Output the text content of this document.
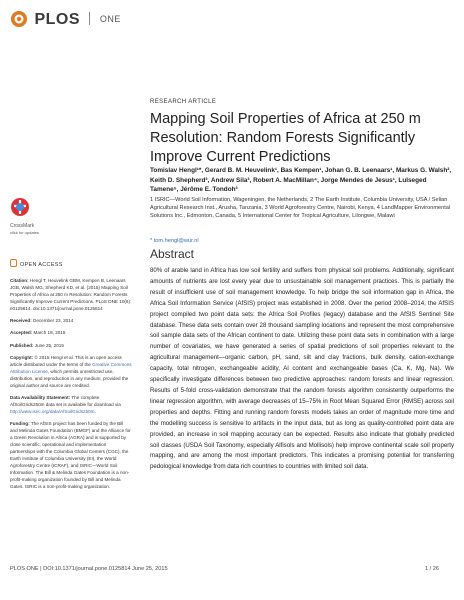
PLOS ONE
RESEARCH ARTICLE
Mapping Soil Properties of Africa at 250 m Resolution: Random Forests Significantly Improve Current Predictions
Tomislav Hengl¹*, Gerard B. M. Heuvelink¹, Bas Kempen¹, Johan G. B. Leenaars¹, Markus G. Walsh², Keith D. Shepherd³, Andrew Sila³, Robert A. MacMillan⁴, Jorge Mendes de Jesus¹, Lulseged Tamene⁵, Jérôme E. Tondoh³
1 ISRIC—World Soil Information, Wageningen, the Netherlands, 2 The Earth Institute, Columbia University, USA / Selian Agricultural Research Inst., Arusha, Tanzania, 3 World Agroforestry Centre, Nairobi, Kenya, 4 LandMapper Environmental Solutions Inc., Edmonton, Canada, 5 International Center for Tropical Agriculture, Lilongwe, Malawi
* tom.hengl@wur.nl
CrossMark
click for updates

OPEN ACCESS

Citation: Hengl T, Heuvelink GBM, Kempen B, Leenaars JGB, Walsh MG, Shepherd KD, et al. (2015) Mapping Soil Properties of Africa at 250 m Resolution: Random Forests Significantly Improve Current Predictions. PLoS ONE 10(6): e0125814. doi:10.1371/journal.pone.0125814

Received: December 23, 2014

Accepted: March 18, 2015

Published: June 25, 2015

Copyright: © 2015 Hengl et al. This is an open access article distributed under the terms of the Creative Commons Attribution License, which permits unrestricted use, distribution, and reproduction in any medium, provided the original author and source are credited.

Data Availability Statement: The complete AfSoilGrids250m data set is available for download via http://www.isric.org/data/AfSoilGrids250m.

Funding: The AfSIS project has been funded by the Bill and Melinda Gates Foundation (BMGF) and the Alliance for a Green Revolution in Africa (AGRA) and is supported by close scientific, operational and implementation partnerships with the Columbia Global Centers (CGC), the Earth Institute of Columbia University (EI), the World Agroforestry Centre (ICRAF), and ISRIC—World Soil Information. The Bill & Melinda Gates Foundation is a non-profit-making organization founded by Bill and Melinda Gates. ISRIC is a non-profit-making organization.

Abstract

80% of arable land in Africa has low soil fertility and suffers from physical soil problems. Additionally, significant amounts of nutrients are lost every year due to unsustainable soil management practices. This is partially the result of insufficient use of soil management knowledge. To help bridge the soil information gap in Africa, the Africa Soil Information Service (AfSIS) project was established in 2008. Over the period 2008–2014, the AfSIS project compiled two point data sets: the Africa Soil Profiles (legacy) database and the AfSIS Sentinel Site database. These data sets contain over 28 thousand sampling locations and represent the most comprehensive soil sample data sets of the African continent to date. Utilizing these point data sets in combination with a large number of covariates, we have generated a series of spatial predictions of soil properties relevant to the agricultural management—organic carbon, pH, sand, silt and clay fractions, bulk density, cation-exchange capacity, total nitrogen, exchangeable acidity, Al content and exchangeable bases (Ca, K, Mg, Na). We specifically investigate differences between two predictive approaches: random forests and linear regression. Results of 5-fold cross-validation demonstrate that the random forests algorithm consistently outperforms the linear regression algorithm, with average decreases of 15–75% in Root Mean Squared Error (RMSE) across soil properties and depths. Fitting and running random forests models takes an order of magnitude more time and the modelling success is sensitive to artifacts in the input data, but as long as quality-controlled point data are provided, an increase in soil mapping accuracy can be expected. Results also indicate that globally predicted soil classes (USDA Soil Taxonomy, especially Alfisols and Mollisols) help improve continental scale soil property mapping, and are among the most important predictors. This indicates a promising potential for transferring pedological knowledge from data rich countries to countries with limited soil data.

PLOS ONE | DOI:10.1371/journal.pone.0125814 June 25, 2015	1 / 26
